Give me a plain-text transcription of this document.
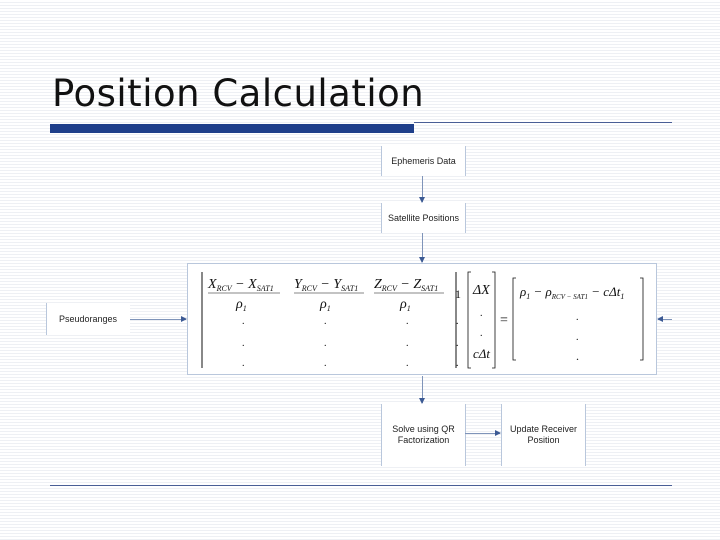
Position Calculation
Ephemeris Data
Satellite Positions
Pseudoranges
$X_{RCV} - X_{SAT1}$
$\rho_1$
.
.
.
$Y_{RCV} - Y_{SAT1}$
$\rho_1$
.
.
.
$Z_{RCV} - Z_{SAT1}$
$\rho_1$
.
.
.
1
.
.
.
ΔX
.
.
cΔt
=
$\rho_1 - \rho_{RCV - SAT1} - c\Delta t_1$
.
.
.
Solve using QR
Factorization
Update Receiver
Position
